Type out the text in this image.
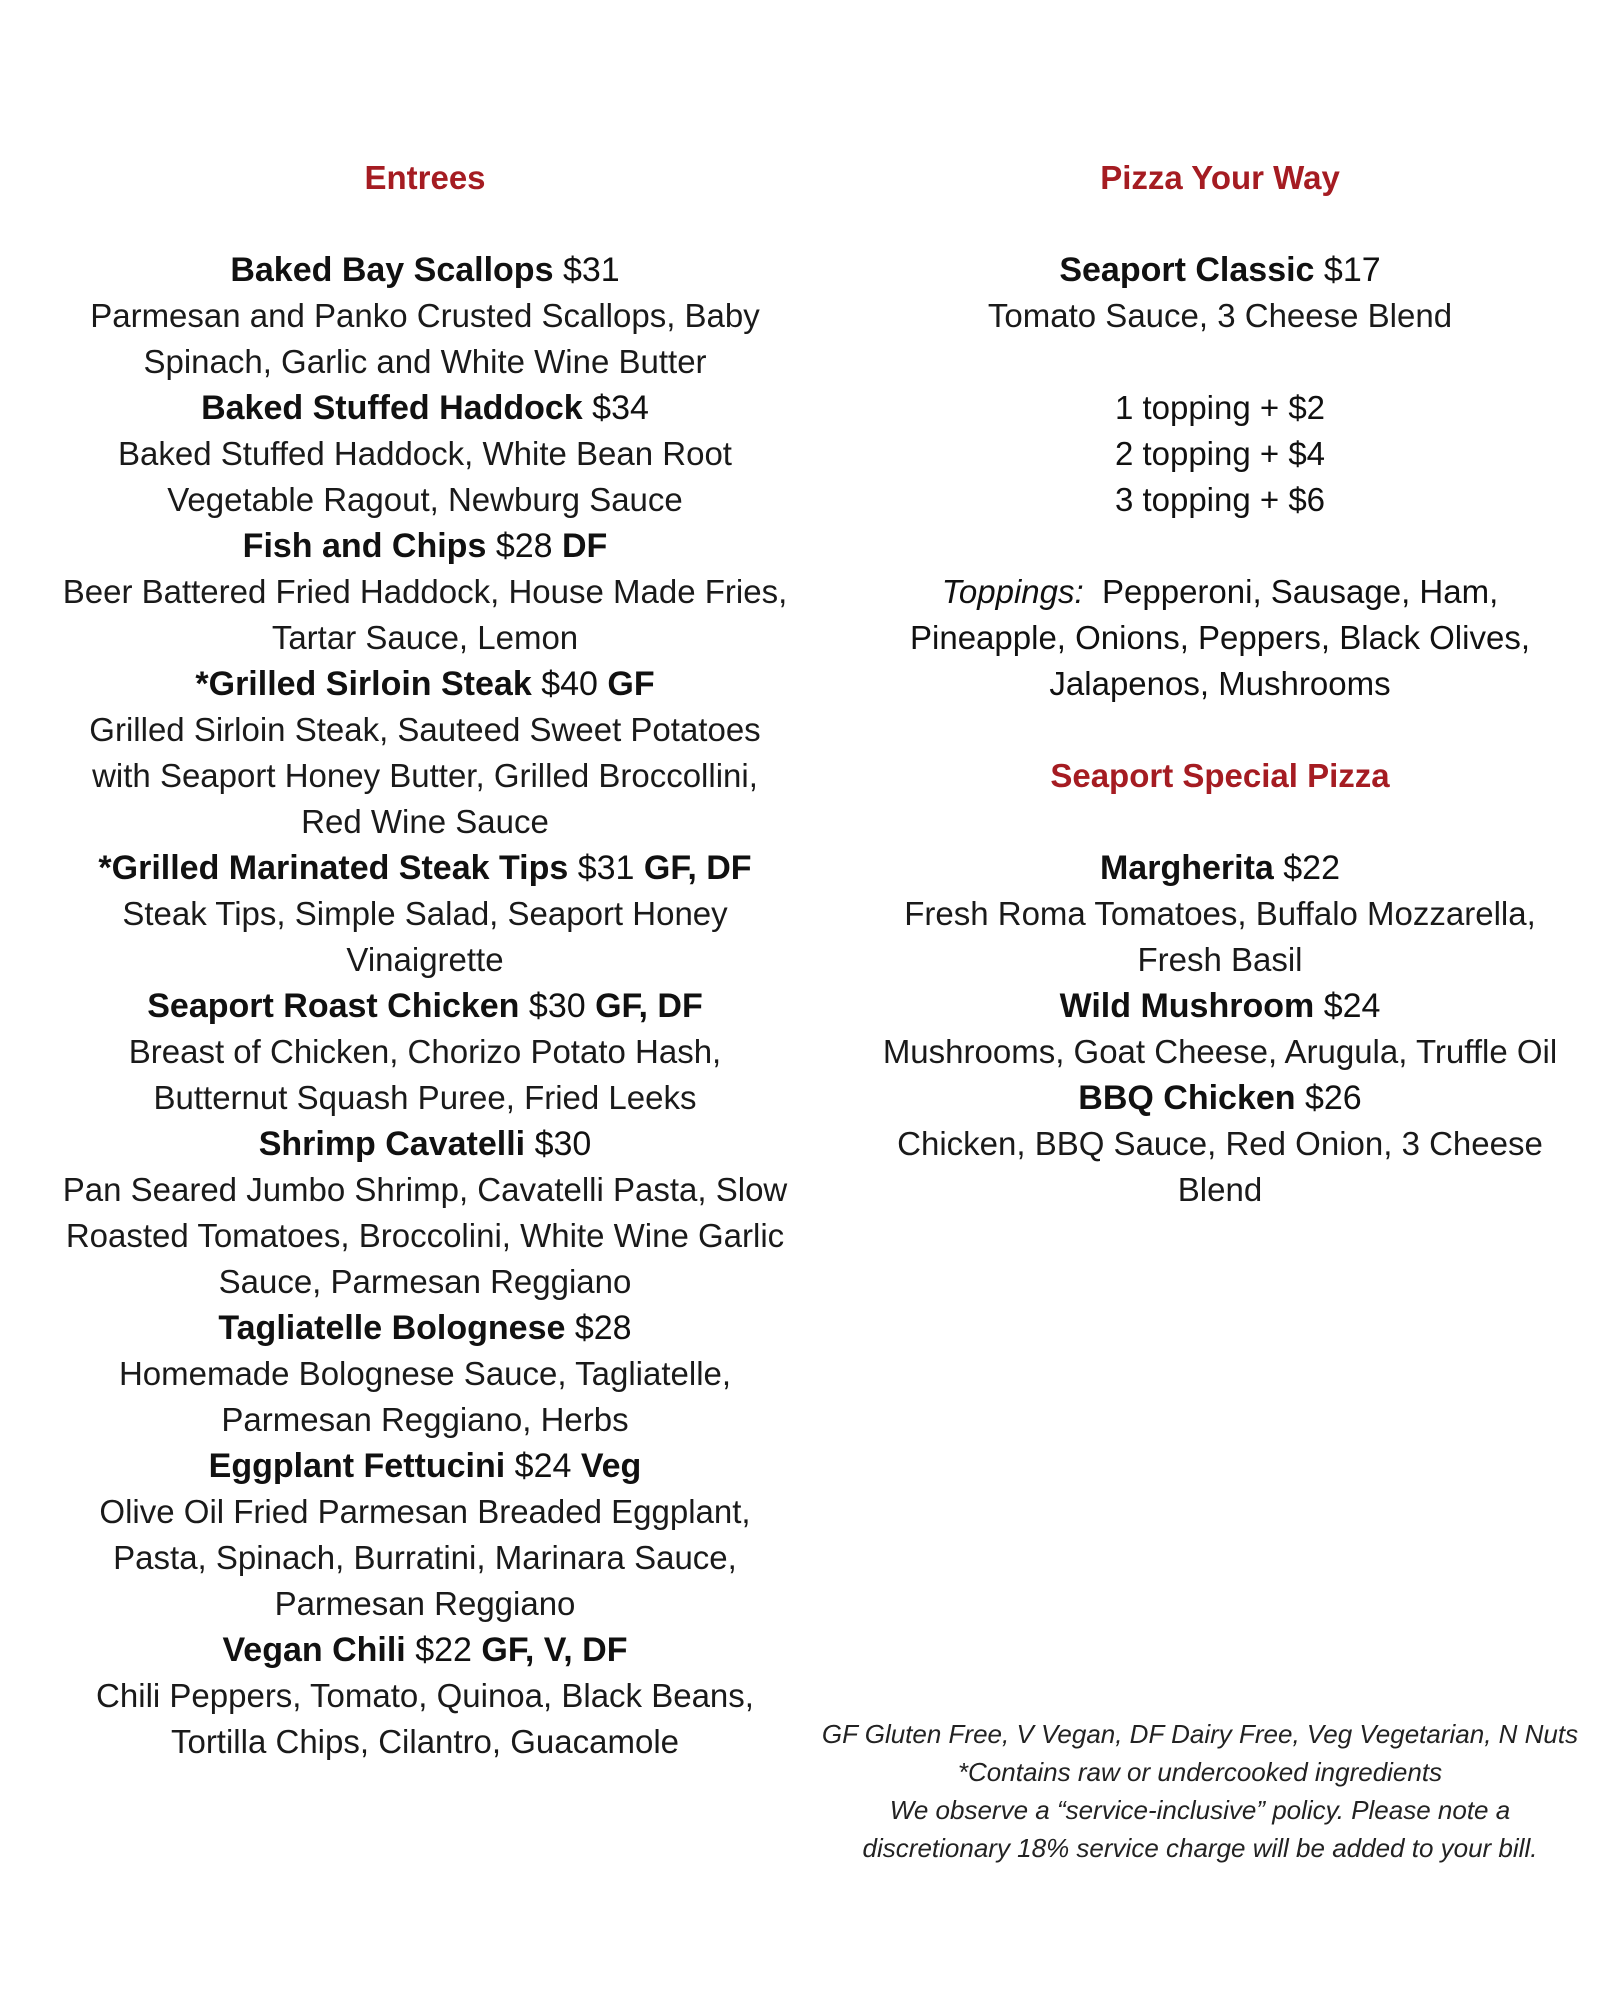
Entrees
Baked Bay Scallops $31
Parmesan and Panko Crusted Scallops, Baby Spinach, Garlic and White Wine Butter
Baked Stuffed Haddock $34
Baked Stuffed Haddock, White Bean Root Vegetable Ragout, Newburg Sauce
Fish and Chips $28 DF
Beer Battered Fried Haddock, House Made Fries, Tartar Sauce, Lemon
*Grilled Sirloin Steak $40 GF
Grilled Sirloin Steak, Sauteed Sweet Potatoes with Seaport Honey Butter, Grilled Broccollini, Red Wine Sauce
*Grilled Marinated Steak Tips $31 GF, DF
Steak Tips, Simple Salad, Seaport Honey Vinaigrette
Seaport Roast Chicken $30 GF, DF
Breast of Chicken, Chorizo Potato Hash, Butternut Squash Puree, Fried Leeks
Shrimp Cavatelli $30
Pan Seared Jumbo Shrimp, Cavatelli Pasta, Slow Roasted Tomatoes, Broccolini, White Wine Garlic Sauce, Parmesan Reggiano
Tagliatelle Bolognese $28
Homemade Bolognese Sauce, Tagliatelle, Parmesan Reggiano, Herbs
Eggplant Fettucini $24 Veg
Olive Oil Fried Parmesan Breaded Eggplant, Pasta, Spinach, Burratini, Marinara Sauce, Parmesan Reggiano
Vegan Chili $22 GF, V, DF
Chili Peppers, Tomato, Quinoa, Black Beans, Tortilla Chips, Cilantro, Guacamole
Pizza Your Way
Seaport Classic $17
Tomato Sauce, 3 Cheese Blend
1 topping + $2
2 topping + $4
3 topping + $6
Toppings: Pepperoni, Sausage, Ham, Pineapple, Onions, Peppers, Black Olives, Jalapenos, Mushrooms
Seaport Special Pizza
Margherita $22
Fresh Roma Tomatoes, Buffalo Mozzarella, Fresh Basil
Wild Mushroom $24
Mushrooms, Goat Cheese, Arugula, Truffle Oil
BBQ Chicken $26
Chicken, BBQ Sauce, Red Onion, 3 Cheese Blend
GF Gluten Free, V Vegan, DF Dairy Free, Veg Vegetarian, N Nuts
*Contains raw or undercooked ingredients
We observe a “service-inclusive” policy. Please note a discretionary 18% service charge will be added to your bill.
